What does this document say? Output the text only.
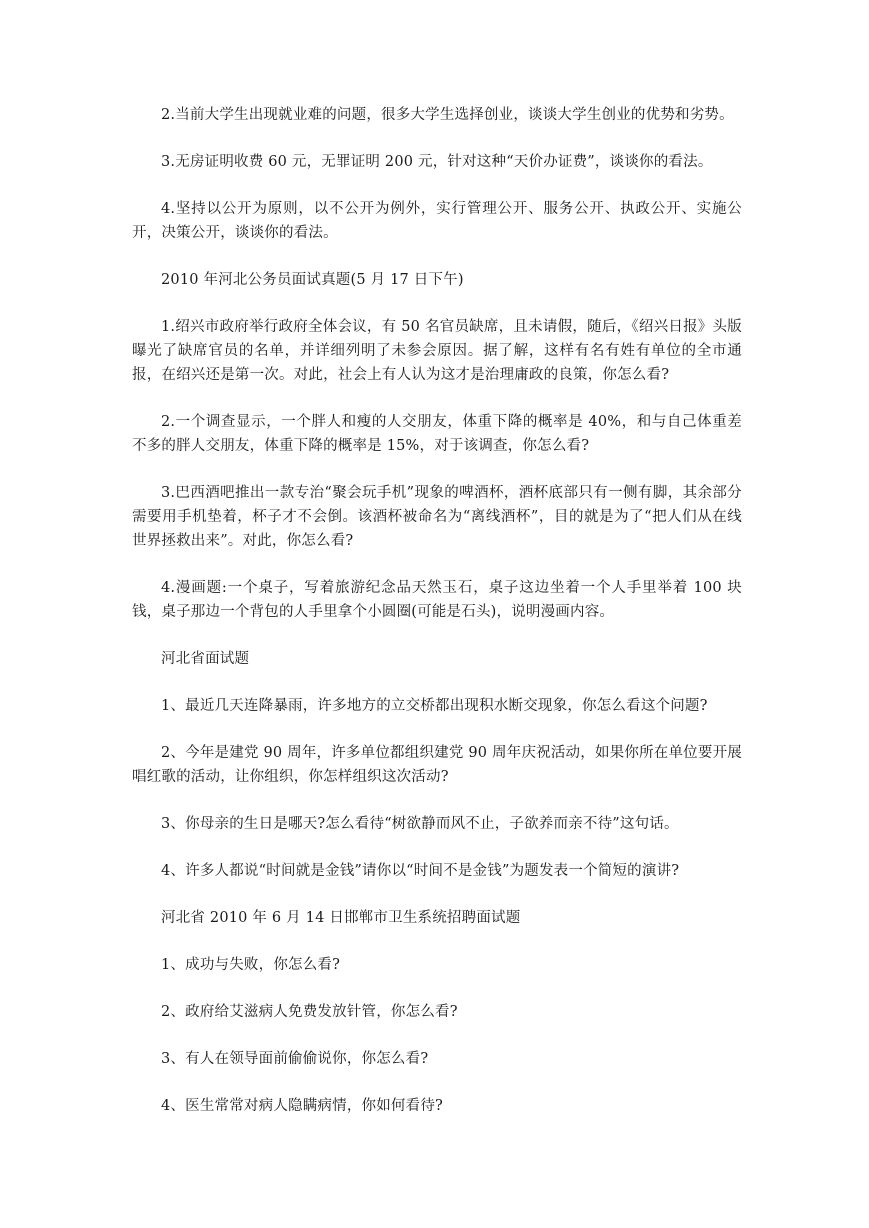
2.当前大学生出现就业难的问题，很多大学生选择创业，谈谈大学生创业的优势和劣势。

3.无房证明收费 60 元，无罪证明 200 元，针对这种“天价办证费”，谈谈你的看法。

4.坚持以公开为原则，以不公开为例外，实行管理公开、服务公开、执政公开、实施公开，决策公开，谈谈你的看法。

2010 年河北公务员面试真题(5 月 17 日下午)

1.绍兴市政府举行政府全体会议，有 50 名官员缺席，且未请假，随后，《绍兴日报》头版曝光了缺席官员的名单，并详细列明了未参会原因。据了解，这样有名有姓有单位的全市通报，在绍兴还是第一次。对此，社会上有人认为这才是治理庸政的良策，你怎么看?

2.一个调查显示，一个胖人和瘦的人交朋友，体重下降的概率是 40%，和与自己体重差不多的胖人交朋友，体重下降的概率是 15%，对于该调查，你怎么看?

3.巴西酒吧推出一款专治“聚会玩手机”现象的啤酒杯，酒杯底部只有一侧有脚，其余部分需要用手机垫着，杯子才不会倒。该酒杯被命名为“离线酒杯”，目的就是为了“把人们从在线世界拯救出来”。对此，你怎么看?

4.漫画题:一个桌子，写着旅游纪念品天然玉石，桌子这边坐着一个人手里举着 100 块钱，桌子那边一个背包的人手里拿个小圆圈(可能是石头)，说明漫画内容。

河北省面试题

1、最近几天连降暴雨，许多地方的立交桥都出现积水断交现象，你怎么看这个问题?

2、今年是建党 90 周年，许多单位都组织建党 90 周年庆祝活动，如果你所在单位要开展唱红歌的活动，让你组织，你怎样组织这次活动?

3、你母亲的生日是哪天?怎么看待“树欲静而风不止，子欲养而亲不待”这句话。

4、许多人都说“时间就是金钱”请你以“时间不是金钱”为题发表一个简短的演讲?

河北省 2010 年 6 月 14 日邯郸市卫生系统招聘面试题

1、成功与失败，你怎么看?

2、政府给艾滋病人免费发放针管，你怎么看?

3、有人在领导面前偷偷说你，你怎么看?

4、医生常常对病人隐瞒病情，你如何看待?
